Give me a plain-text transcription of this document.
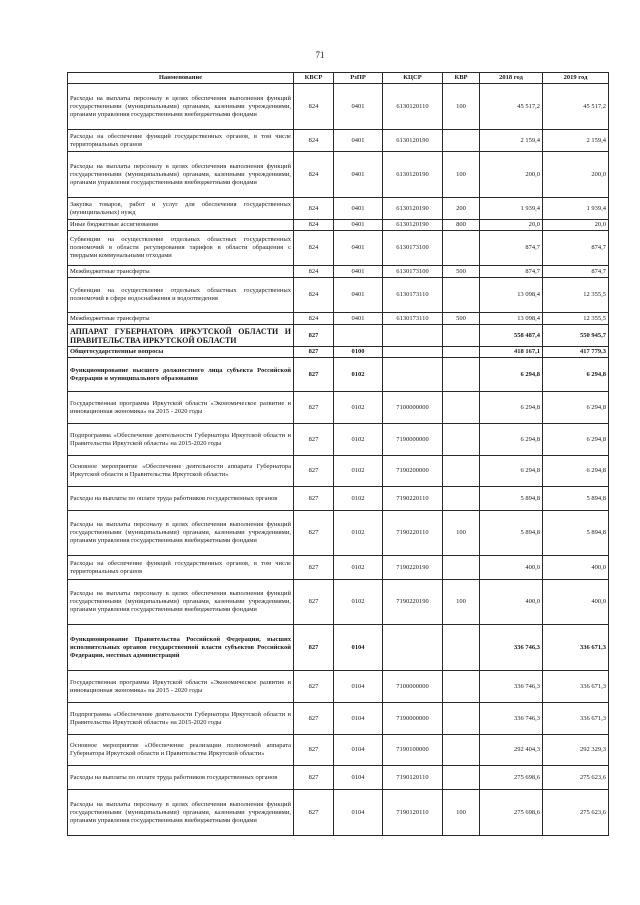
71
Наименование	КВСР	РзПР	КЦСР	КВР	2018 год	2019 год
Расходы на выплаты персоналу в целях обеспечения выполнения функций государственными (муниципальными) органами, казенными учреждениями, органами управления государственными внебюджетными фондами	824	0401	6130120110	100	45 517,2	45 517,2
Расходы на обеспечение функций государственных органов, в том числе территориальных органов	824	0401	6130120190		2 159,4	2 159,4
Расходы на выплаты персоналу в целях обеспечения выполнения функций государственными (муниципальными) органами, казенными учреждениями, органами управления государственными внебюджетными фондами	824	0401	6130120190	100	200,0	200,0
Закупка товаров, работ и услуг для обеспечения государственных (муниципальных) нужд	824	0401	6130120190	200	1 939,4	1 939,4
Иные бюджетные ассигнования	824	0401	6130120190	800	20,0	20,0
Субвенции на осуществление отдельных областных государственных полномочий в области регулирования тарифов в области обращения с твердыми коммунальными отходами	824	0401	6130173100		874,7	874,7
Межбюджетные трансферты	824	0401	6130173100	500	874,7	874,7
Субвенции на осуществление отдельных областных государственных полномочий в сфере водоснабжения и водоотведения	824	0401	6130173110		13 098,4	12 355,5
Межбюджетные трансферты	824	0401	6130173110	500	13 098,4	12 355,5
АППАРАТ ГУБЕРНАТОРА ИРКУТСКОЙ ОБЛАСТИ И ПРАВИТЕЛЬСТВА ИРКУТСКОЙ ОБЛАСТИ	827				558 487,4	550 945,7
Общегосударственные вопросы	827	0100			418 167,1	417 779,3
Функционирование высшего должностного лица субъекта Российской Федерации и муниципального образования	827	0102			6 294,8	6 294,8
Государственная программа Иркутской области «Экономическое развитие и инновационная экономика» на 2015 - 2020 годы	827	0102	7100000000		6 294,8	6 294,8
Подпрограмма «Обеспечение деятельности Губернатора Иркутской области и Правительства Иркутской области» на 2015-2020 годы	827	0102	7190000000		6 294,8	6 294,8
Основное мероприятие «Обеспечение деятельности аппарата Губернатора Иркутской области и Правительства Иркутской области»	827	0102	7190200000		6 294,8	6 294,8
Расходы на выплаты по оплате труда работников государственных органов	827	0102	7190220110		5 894,8	5 894,8
Расходы на выплаты персоналу в целях обеспечения выполнения функций государственными (муниципальными) органами, казенными учреждениями, органами управления государственными внебюджетными фондами	827	0102	7190220110	100	5 894,8	5 894,8
Расходы на обеспечение функций государственных органов, в том числе территориальных органов	827	0102	7190220190		400,0	400,0
Расходы на выплаты персоналу в целях обеспечения выполнения функций государственными (муниципальными) органами, казенными учреждениями, органами управления государственными внебюджетными фондами	827	0102	7190220190	100	400,0	400,0
Функционирование Правительства Российской Федерации, высших исполнительных органов государственной власти субъектов Российской Федерации, местных администраций	827	0104			336 746,3	336 671,3
Государственная программа Иркутской области «Экономическое развитие и инновационная экономика» на 2015 - 2020 годы	827	0104	7100000000		336 746,3	336 671,3
Подпрограмма «Обеспечение деятельности Губернатора Иркутской области и Правительства Иркутской области» на 2015-2020 годы	827	0104	7190000000		336 746,3	336 671,3
Основное мероприятие «Обеспечение реализации полномочий аппарата Губернатора Иркутской области и Правительства Иркутской области»	827	0104	7190100000		292 404,3	292 329,3
Расходы на выплаты по оплате труда работников государственных органов	827	0104	7190120110		275 698,6	275 623,6
Расходы на выплаты персоналу в целях обеспечения выполнения функций государственными (муниципальными) органами, казенными учреждениями, органами управления государственными внебюджетными фондами	827	0104	7190120110	100	275 698,6	275 623,6
